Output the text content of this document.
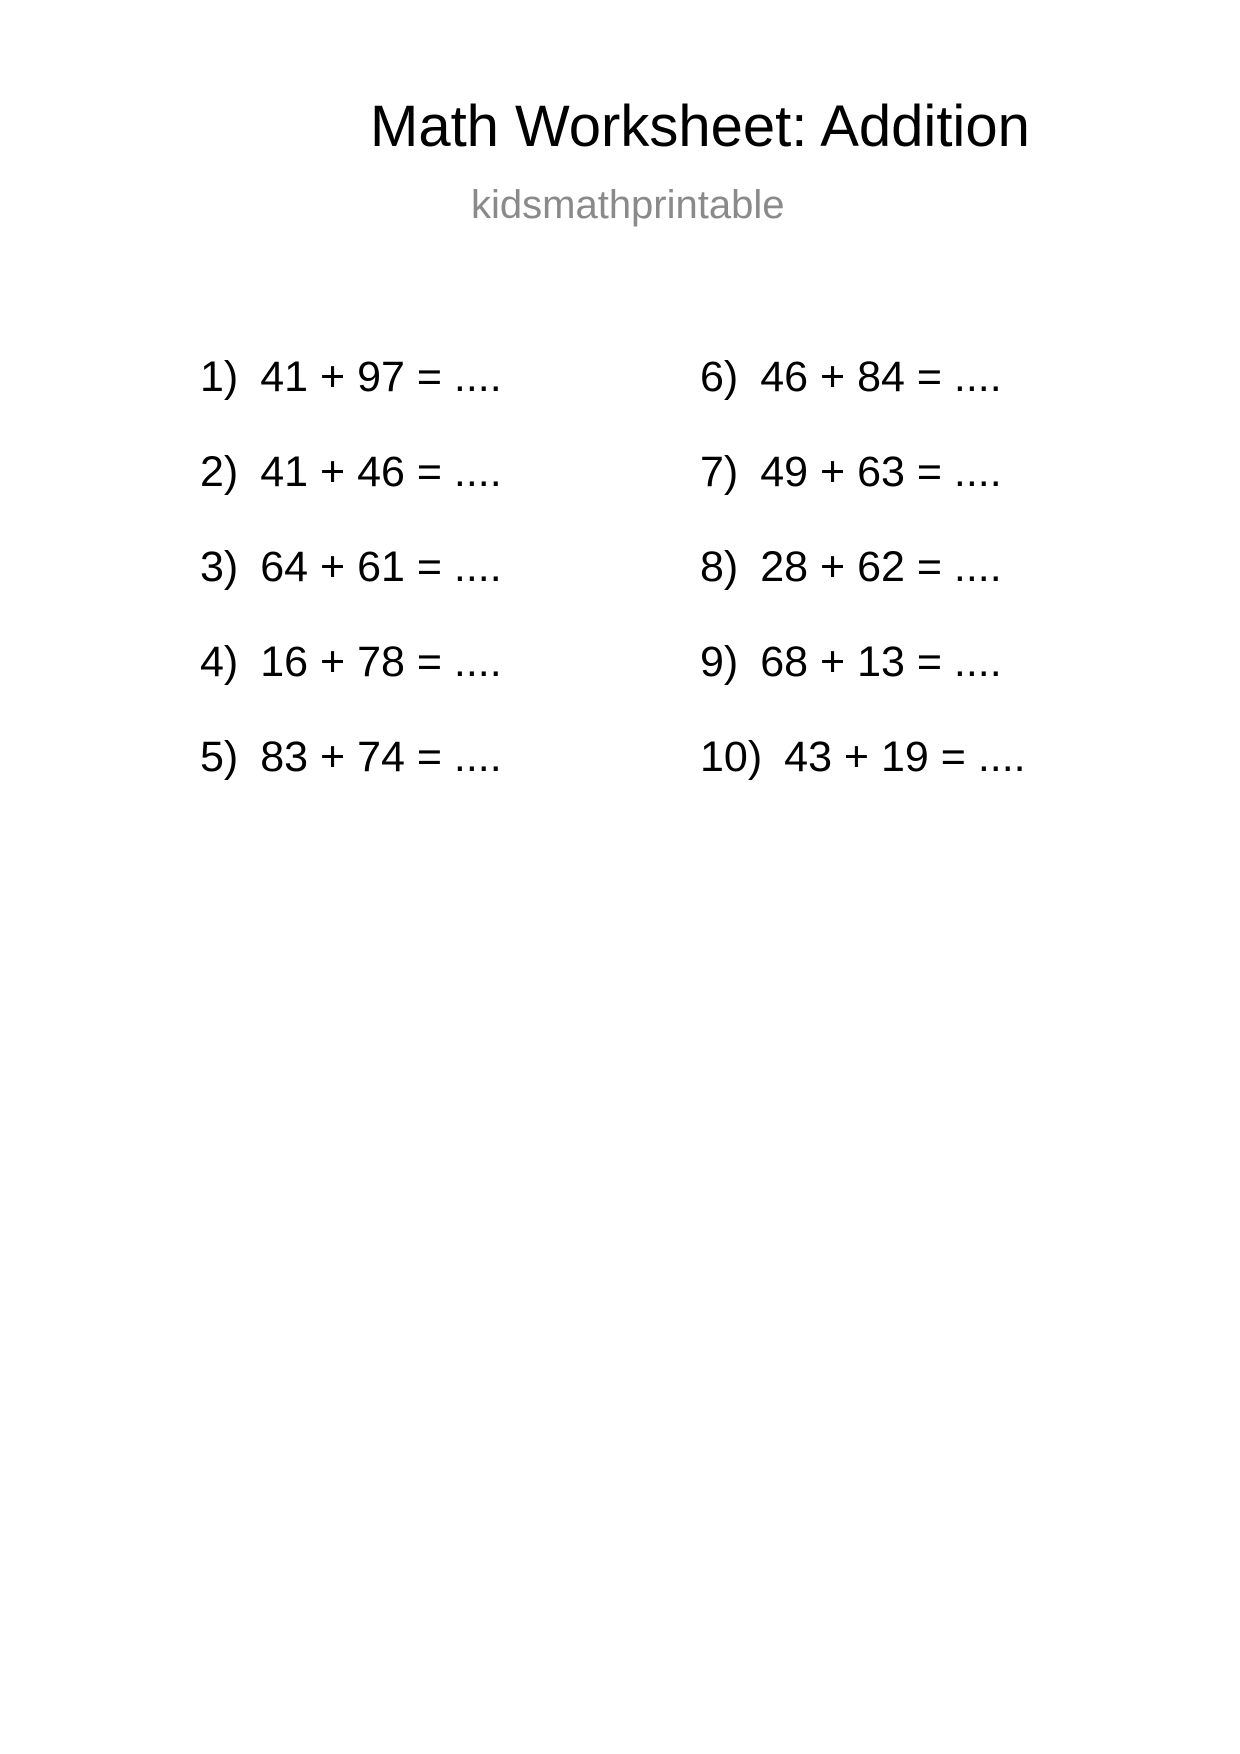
Math Worksheet: Addition
kidsmathprintable
1) 41 + 97 = ....
2) 41 + 46 = ....
3) 64 + 61 = ....
4) 16 + 78 = ....
5) 83 + 74 = ....
6) 46 + 84 = ....
7) 49 + 63 = ....
8) 28 + 62 = ....
9) 68 + 13 = ....
10) 43 + 19 = ....
